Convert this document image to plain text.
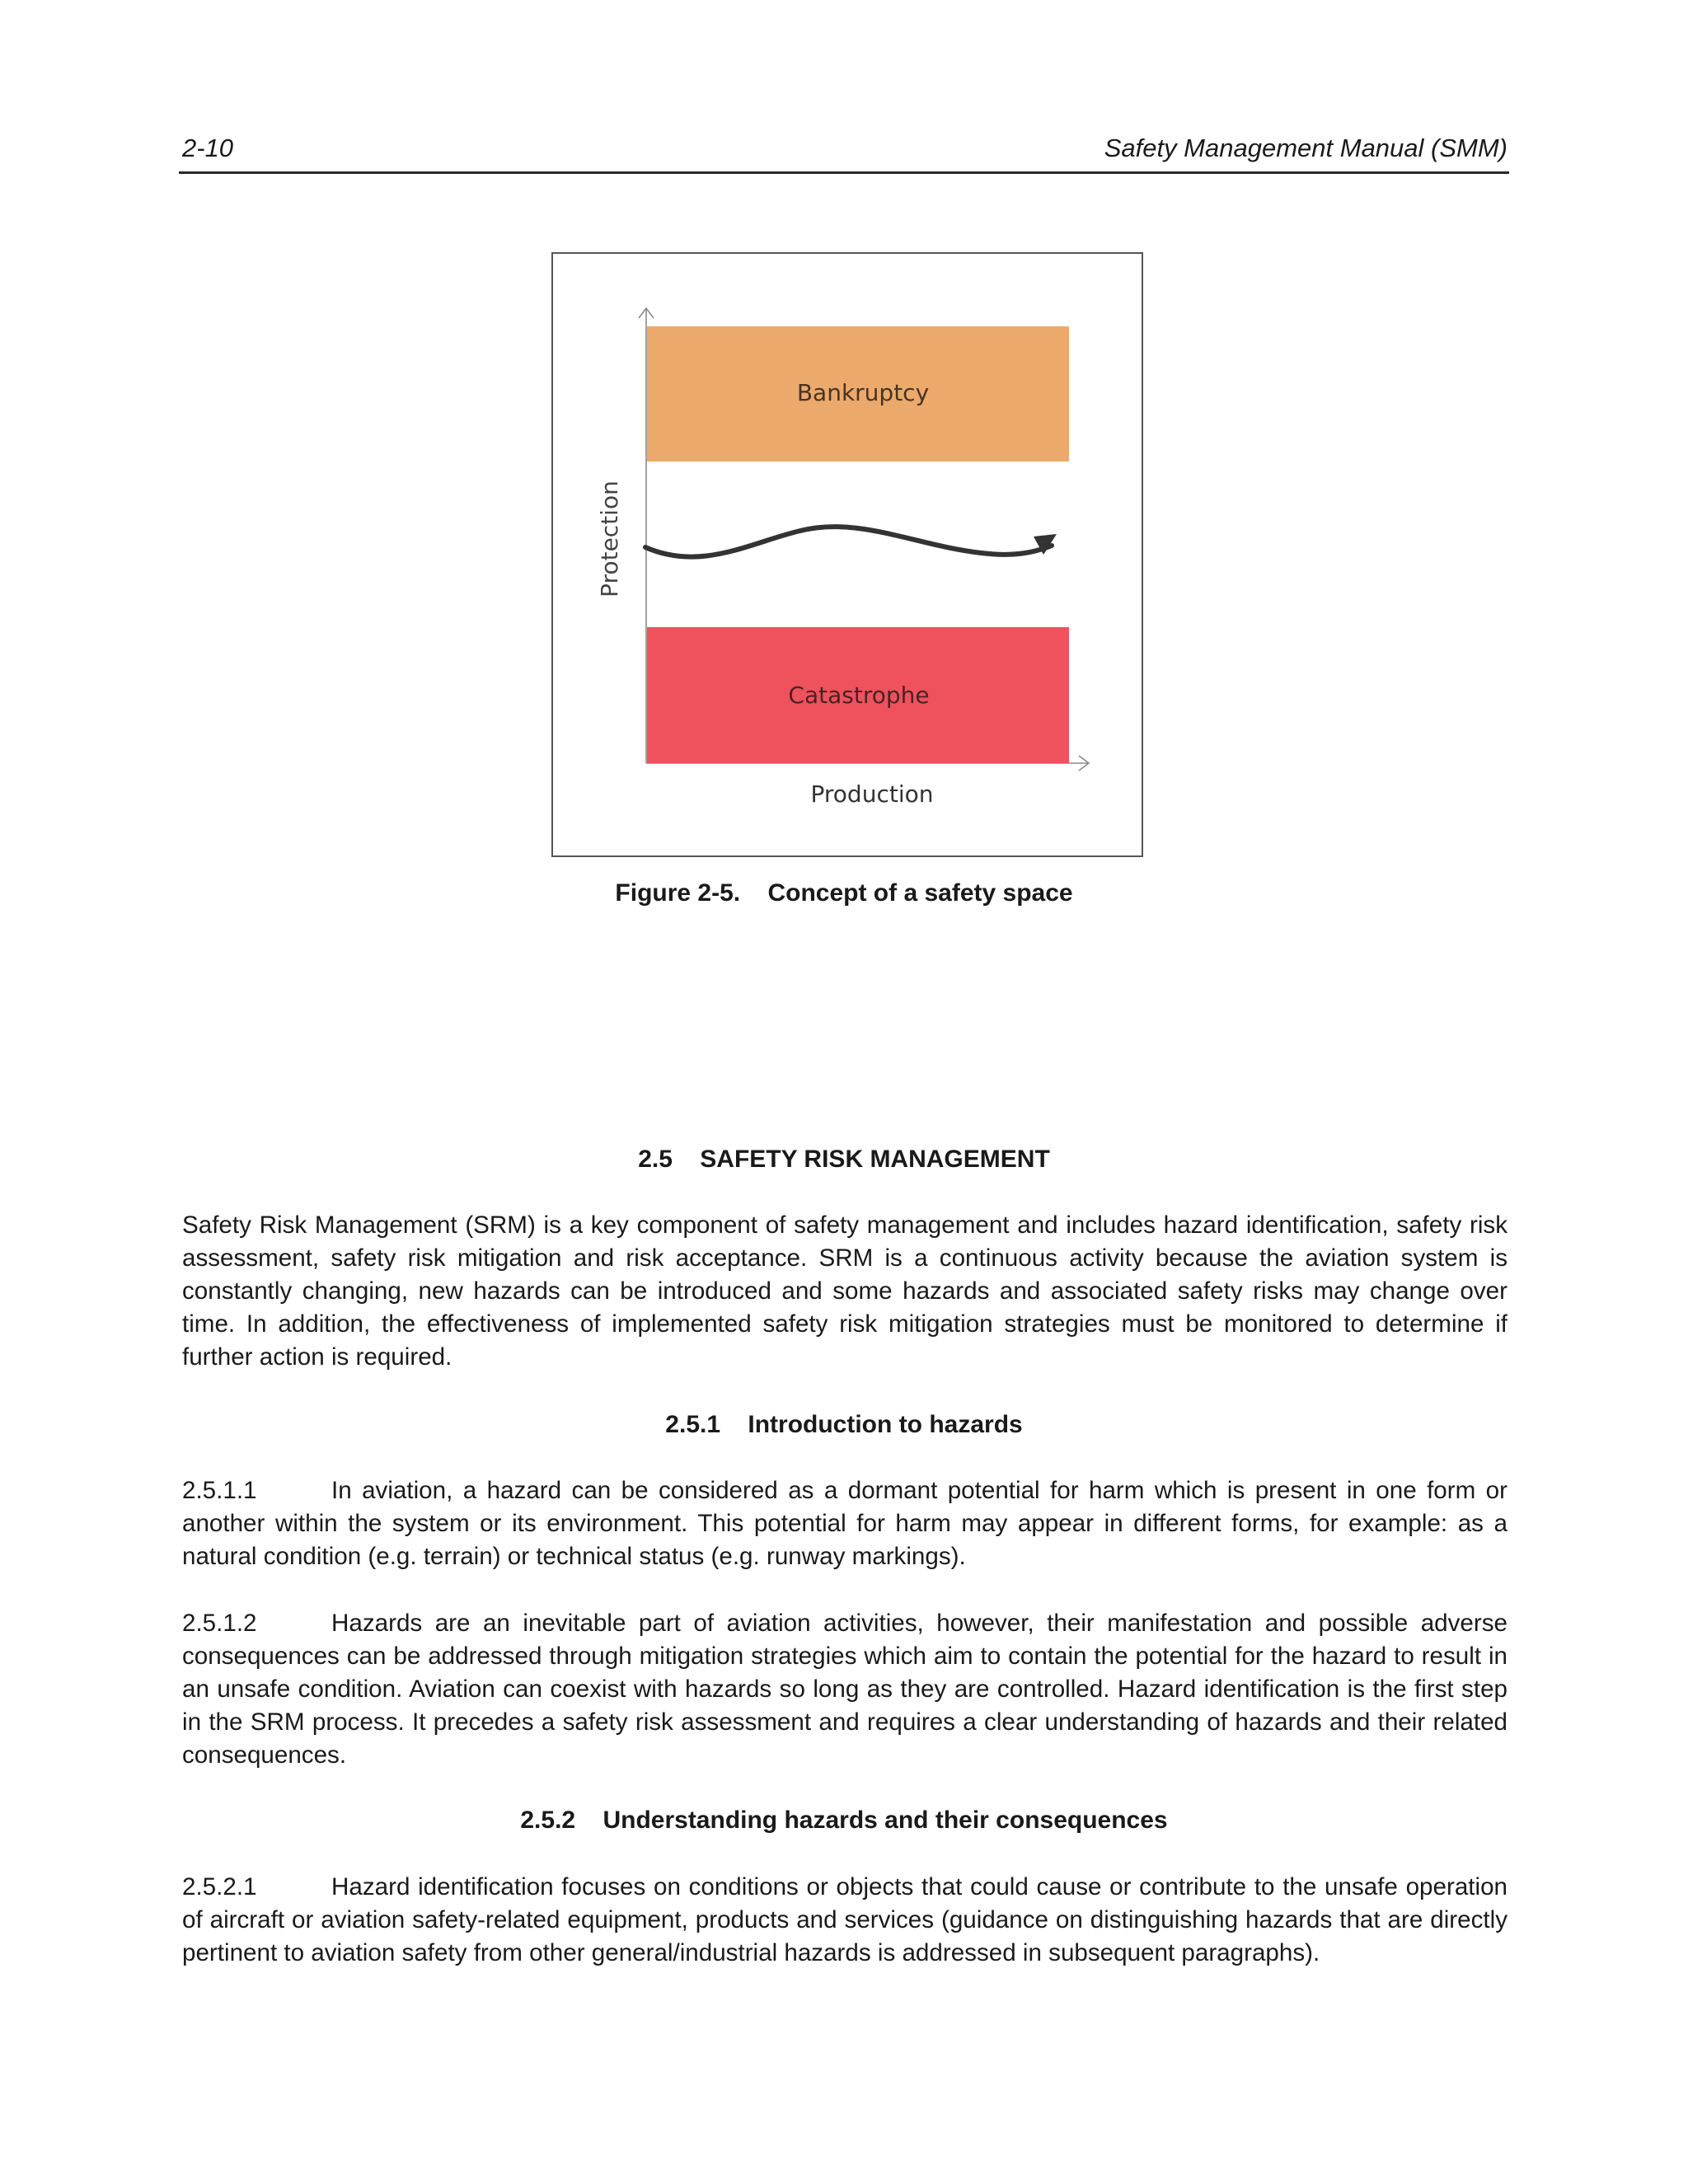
2-10	Safety Management Manual (SMM)
Bankruptcy
Catastrophe
Protection
Production
Figure 2-5. Concept of a safety space
2.5 SAFETY RISK MANAGEMENT
Safety Risk Management (SRM) is a key component of safety management and includes hazard identification, safety risk assessment, safety risk mitigation and risk acceptance. SRM is a continuous activity because the aviation system is constantly changing, new hazards can be introduced and some hazards and associated safety risks may change over time. In addition, the effectiveness of implemented safety risk mitigation strategies must be monitored to determine if further action is required.
2.5.1 Introduction to hazards
2.5.1.1	In aviation, a hazard can be considered as a dormant potential for harm which is present in one form or another within the system or its environment. This potential for harm may appear in different forms, for example: as a natural condition (e.g. terrain) or technical status (e.g. runway markings).
2.5.1.2	Hazards are an inevitable part of aviation activities, however, their manifestation and possible adverse consequences can be addressed through mitigation strategies which aim to contain the potential for the hazard to result in an unsafe condition. Aviation can coexist with hazards so long as they are controlled. Hazard identification is the first step in the SRM process. It precedes a safety risk assessment and requires a clear understanding of hazards and their related consequences.
2.5.2 Understanding hazards and their consequences
2.5.2.1	Hazard identification focuses on conditions or objects that could cause or contribute to the unsafe operation of aircraft or aviation safety-related equipment, products and services (guidance on distinguishing hazards that are directly pertinent to aviation safety from other general/industrial hazards is addressed in subsequent paragraphs).
